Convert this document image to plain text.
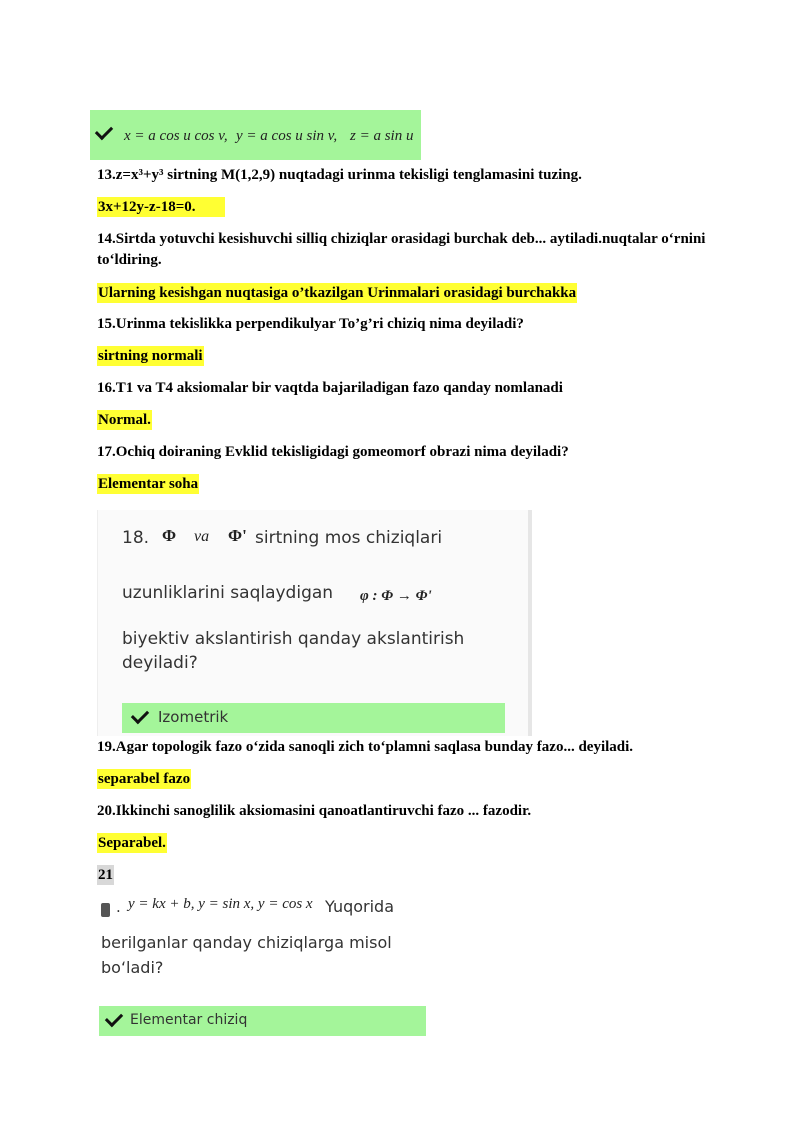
x = a cos u cos v, y = a cos u sin v, z = a sin u
13.z=x³+y³ sirtning M(1,2,9) nuqtadagi urinma tekisligi tenglamasini tuzing.
3x+12y-z-18=0.
14.Sirtda yotuvchi kesishuvchi silliq chiziqlar orasidagi burchak deb... aytiladi.nuqtalar o‘rnini to‘ldiring.
Ularning kesishgan nuqtasiga o’tkazilgan Urinmalari orasidagi burchakka
15.Urinma tekislikka perpendikulyar To’g’ri chiziq nima deyiladi?
sirtning normali
16.T1 va T4 aksiomalar bir vaqtda bajariladigan fazo qanday nomlanadi
Normal.
17.Ochiq doiraning Evklid tekisligidagi gomeomorf obrazi nima deyiladi?
Elementar soha
18. Φ va Φ' sirtning mos chiziqlari
uzunliklarini saqlaydigan φ : Φ → Φ'
biyektiv akslantirish qanday akslantirish
deyiladi?
Izometrik
19.Agar topologik fazo o‘zida sanoqli zich to‘plamni saqlasa bunday fazo... deyiladi.
separabel fazo
20.Ikkinchi sanoglilik aksiomasini qanoatlantiruvchi fazo ... fazodir.
Separabel.
21
. y = kx + b, y = sin x, y = cos x Yuqorida
berilganlar qanday chiziqlarga misol
bo‘ladi?
Elementar chiziq
